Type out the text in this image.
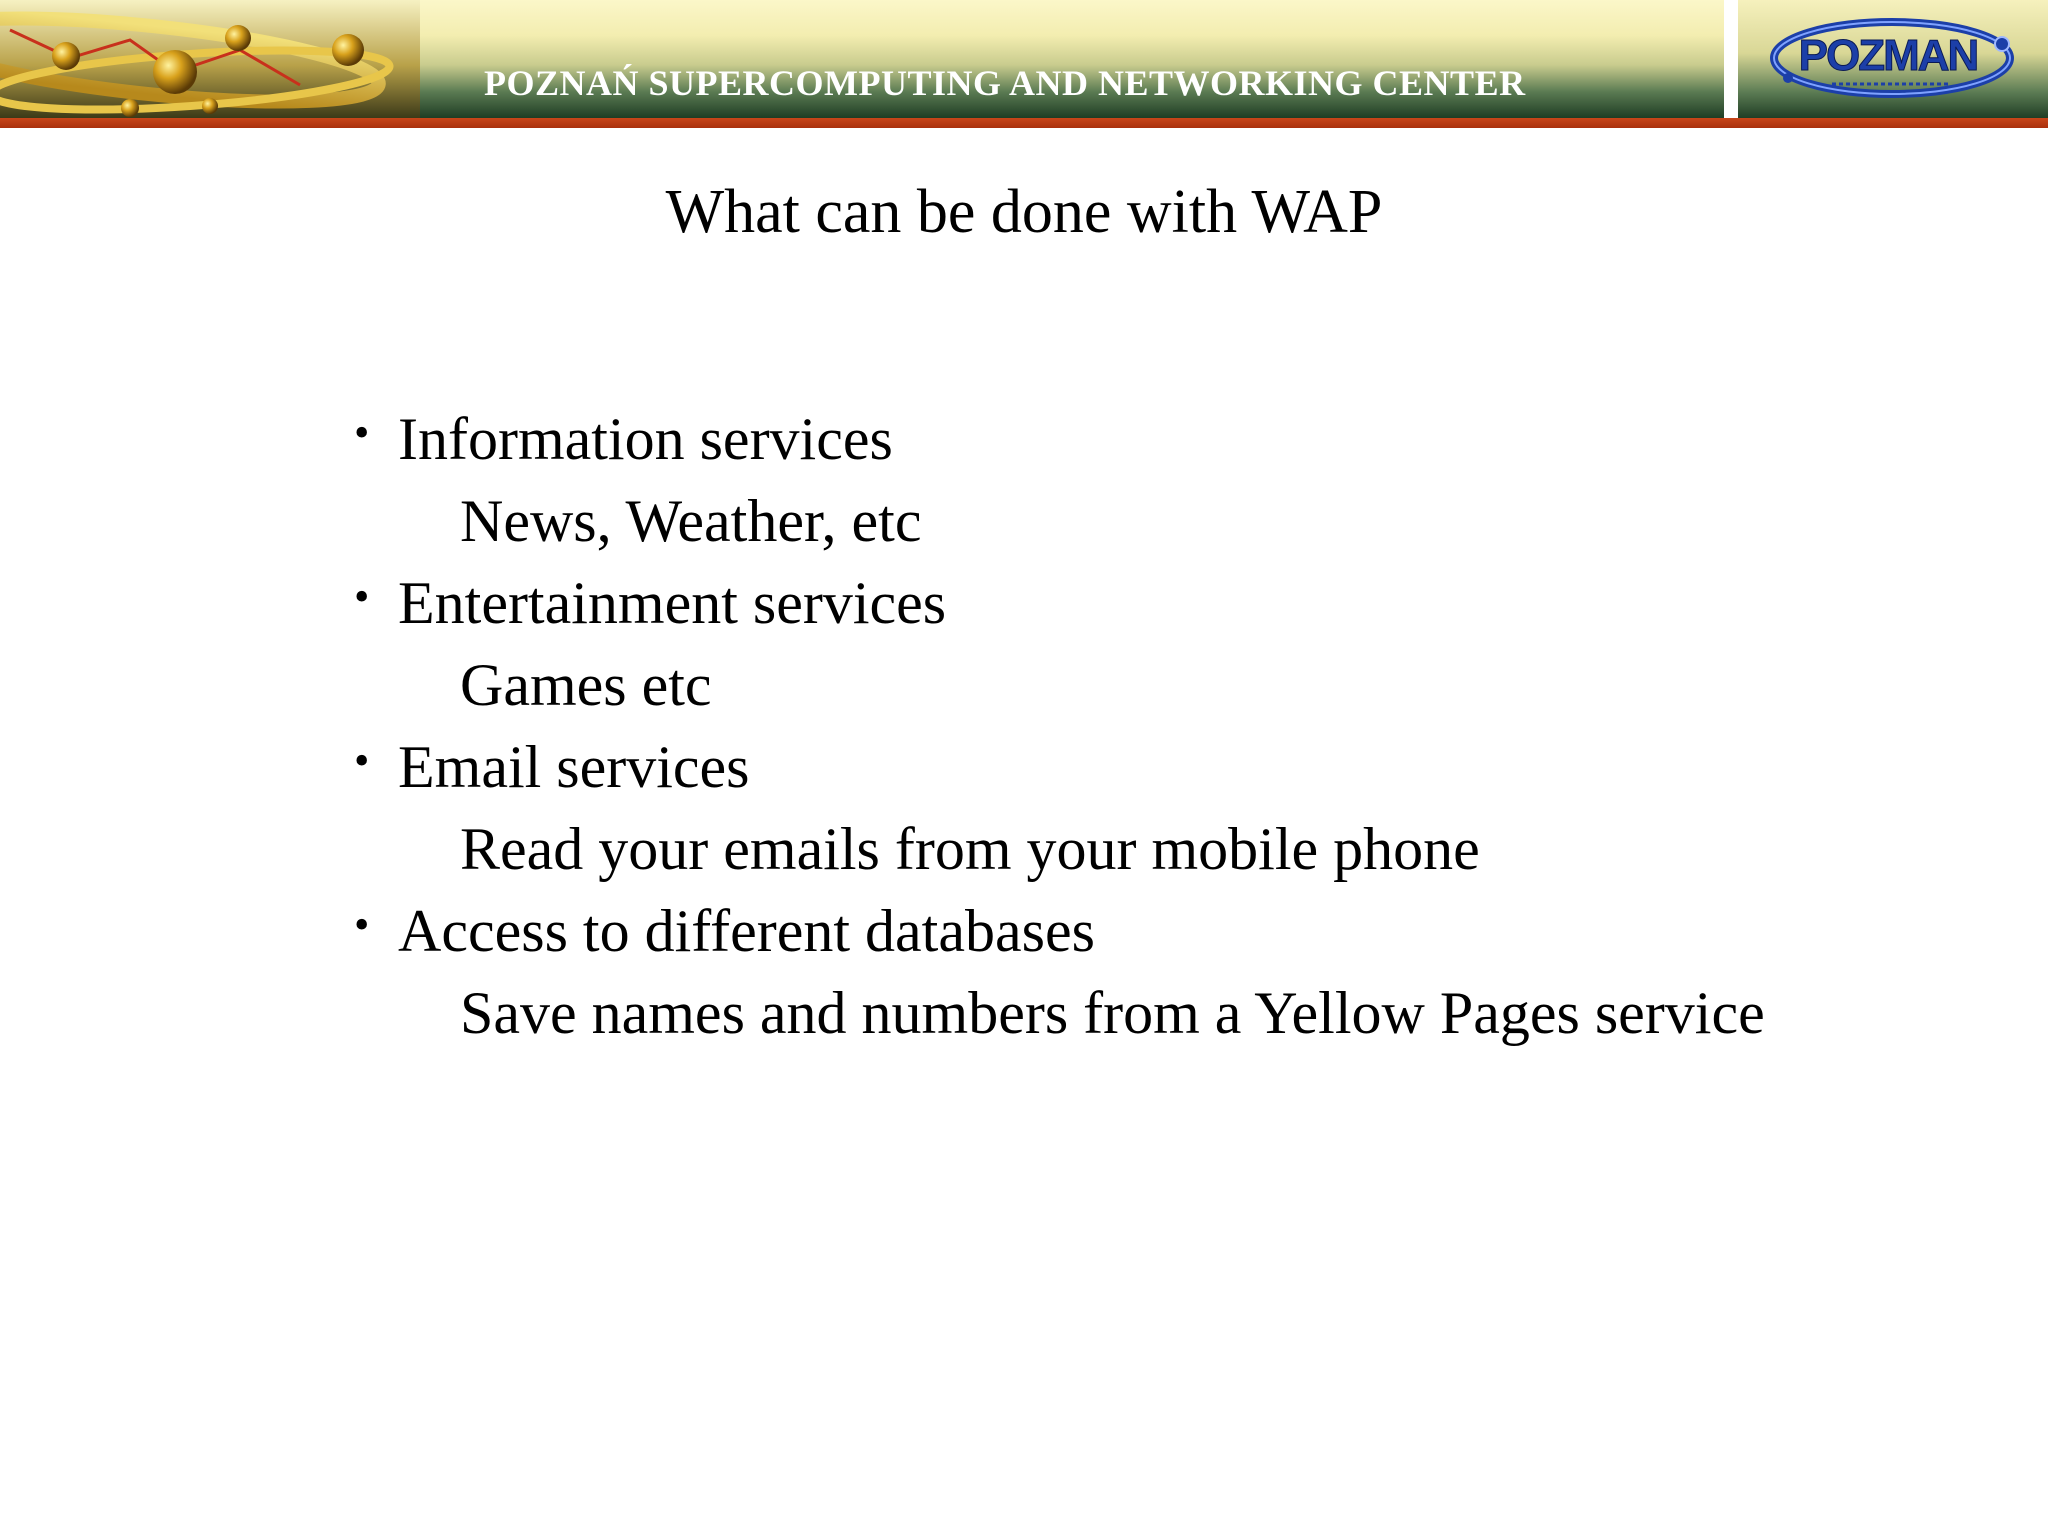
POZNAŃ SUPERCOMPUTING AND NETWORKING CENTER
POZMAN
What can be done with WAP
• Information services
News, Weather, etc
• Entertainment services
Games etc
• Email services
Read your emails from your mobile phone
• Access to different databases
Save names and numbers from a Yellow Pages service
